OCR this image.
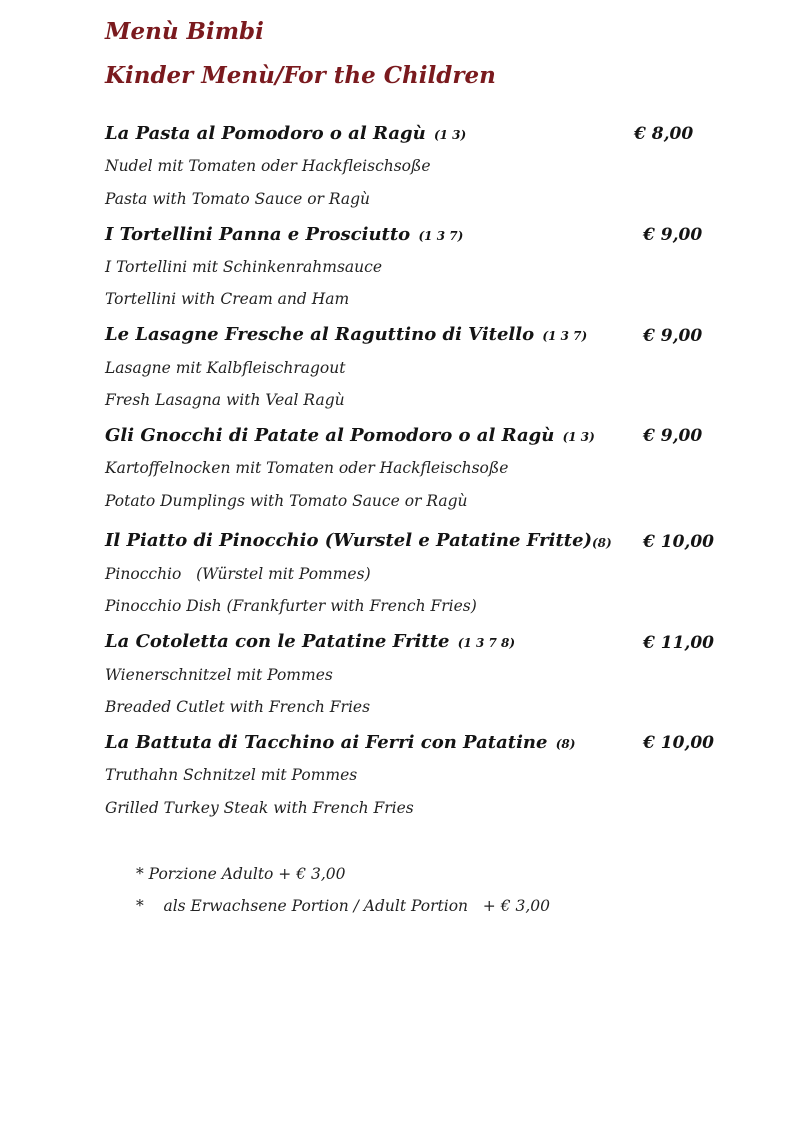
Menù Bimbi
Kinder Menù/For the Children
La Pasta al Pomodoro o al Ragù (1 3)	€ 8,00
Nudel mit Tomaten oder Hackfleischsoße
Pasta with Tomato Sauce or Ragù
I Tortellini Panna e Prosciutto (1 3 7)	€ 9,00
I Tortellini mit Schinkenrahmsauce
Tortellini with Cream and Ham
Le Lasagne Fresche al Raguttino di Vitello (1 3 7)	€ 9,00
Lasagne mit Kalbfleischragout
Fresh Lasagna with Veal Ragù
Gli Gnocchi di Patate al Pomodoro o al Ragù (1 3)	€ 9,00
Kartoffelnocken mit Tomaten oder Hackfleischsoße
Potato Dumplings with Tomato Sauce or Ragù
Il Piatto di Pinocchio (Wurstel e Patatine Fritte) (8) € 10,00
Pinocchio   (Würstel mit Pommes)
Pinocchio Dish (Frankfurter with French Fries)
La Cotoletta con le Patatine Fritte (1 3 7 8)	€ 11,00
Wienerschnitzel mit Pommes
Breaded Cutlet with French Fries
La Battuta di Tacchino ai Ferri con Patatine (8)	€ 10,00
Truthahn Schnitzel mit Pommes
Grilled Turkey Steak with French Fries
* Porzione Adulto + € 3,00
*    als Erwachsene Portion / Adult Portion   + € 3,00
